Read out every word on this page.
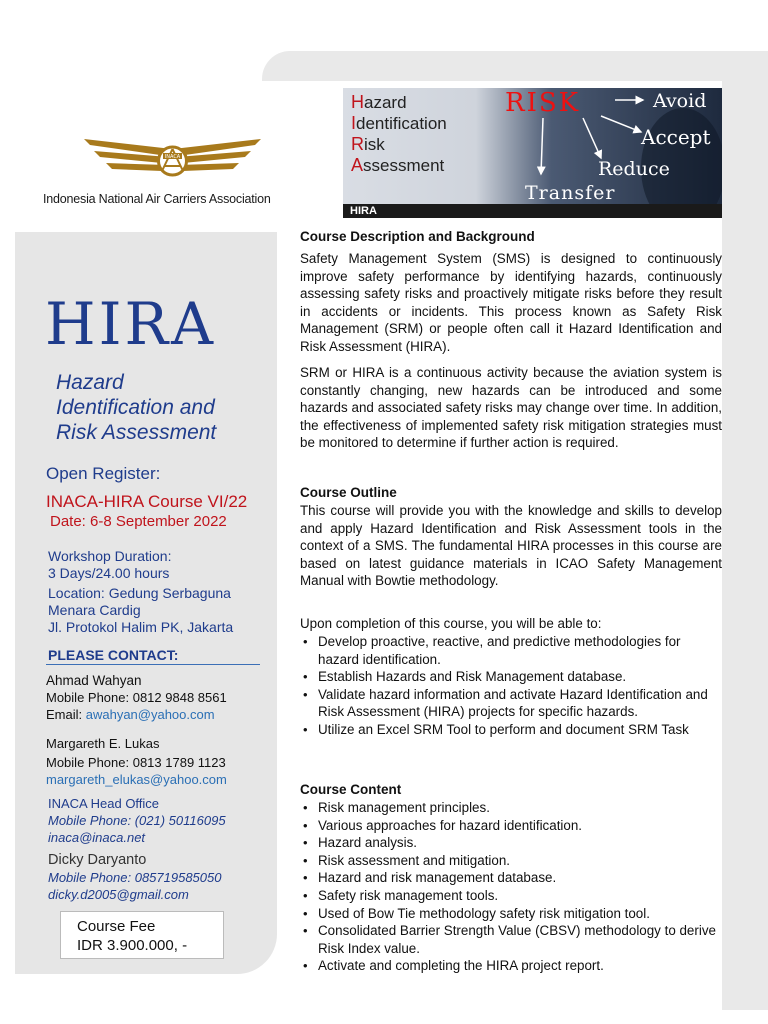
INACA
Indonesia National Air Carriers Association
Hazard
Identification
Risk
Assessment
RISK	Avoid
Accept
Reduce
Transfer
HIRA
HIRA
Hazard
Identification and
Risk Assessment
Open Register:
INACA-HIRA Course VI/22
Date: 6-8 September 2022
Workshop Duration:
3 Days/24.00 hours
Location: Gedung Serbaguna
Menara Cardig
Jl. Protokol Halim PK, Jakarta
PLEASE CONTACT:
Ahmad Wahyan
Mobile Phone: 0812 9848 8561
Email: awahyan@yahoo.com
Margareth E. Lukas
Mobile Phone: 0813 1789 1123
margareth_elukas@yahoo.com
INACA Head Office
Mobile Phone: (021) 50116095
inaca@inaca.net
Dicky Daryanto
Mobile Phone: 085719585050
dicky.d2005@gmail.com
Course Fee
IDR 3.900.000, -
Course Description and Background
Safety Management System (SMS) is designed to continuously improve safety performance by identifying hazards, continuously assessing safety risks and proactively mitigate risks before they result in accidents or incidents. This process known as Safety Risk Management (SRM) or people often call it Hazard Identification and Risk Assessment (HIRA).
SRM or HIRA is a continuous activity because the aviation system is constantly changing, new hazards can be introduced and some hazards and associated safety risks may change over time. In addition, the effectiveness of implemented safety risk mitigation strategies must be monitored to determine if further action is required.
Course Outline
This course will provide you with the knowledge and skills to develop and apply Hazard Identification and Risk Assessment tools in the context of a SMS. The fundamental HIRA processes in this course are based on latest guidance materials in ICAO Safety Management Manual with Bowtie methodology.
Upon completion of this course, you will be able to:
• Develop proactive, reactive, and predictive methodologies for hazard identification.
• Establish Hazards and Risk Management database.
• Validate hazard information and activate Hazard Identification and Risk Assessment (HIRA) projects for specific hazards.
• Utilize an Excel SRM Tool to perform and document SRM Task
Course Content
• Risk management principles.
• Various approaches for hazard identification.
• Hazard analysis.
• Risk assessment and mitigation.
• Hazard and risk management database.
• Safety risk management tools.
• Used of Bow Tie methodology safety risk mitigation tool.
• Consolidated Barrier Strength Value (CBSV) methodology to derive Risk Index value.
• Activate and completing the HIRA project report.
